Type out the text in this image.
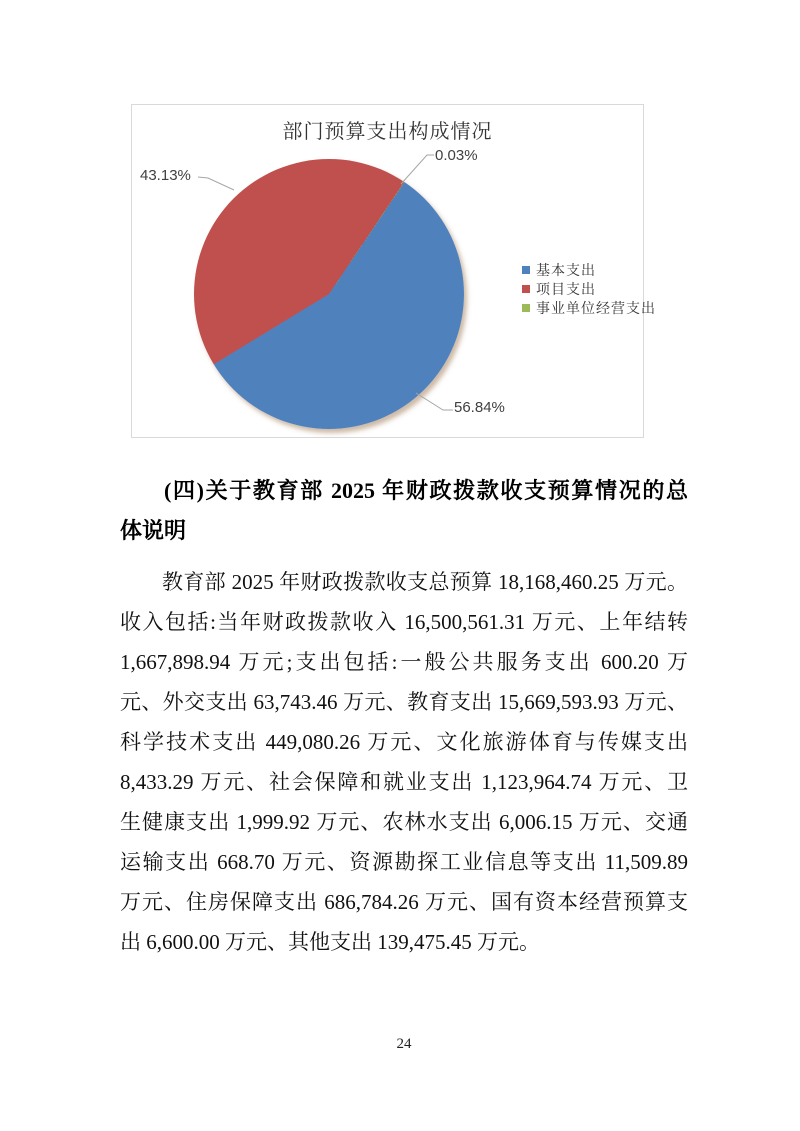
部门预算支出构成情况
43.13%
0.03%
56.84%
基本支出
项目支出
事业单位经营支出
(四)关于教育部 2025 年财政拨款收支预算情况的总
体说明
教育部 2025 年财政拨款收支总预算 18,168,460.25 万元。
收入包括:当年财政拨款收入 16,500,561.31 万元、上年结转
1,667,898.94 万元;支出包括:一般公共服务支出 600.20 万
元、外交支出 63,743.46 万元、教育支出 15,669,593.93 万元、
科学技术支出 449,080.26 万元、文化旅游体育与传媒支出
8,433.29 万元、社会保障和就业支出 1,123,964.74 万元、卫
生健康支出 1,999.92 万元、农林水支出 6,006.15 万元、交通
运输支出 668.70 万元、资源勘探工业信息等支出 11,509.89
万元、住房保障支出 686,784.26 万元、国有资本经营预算支
出 6,600.00 万元、其他支出 139,475.45 万元。
24
